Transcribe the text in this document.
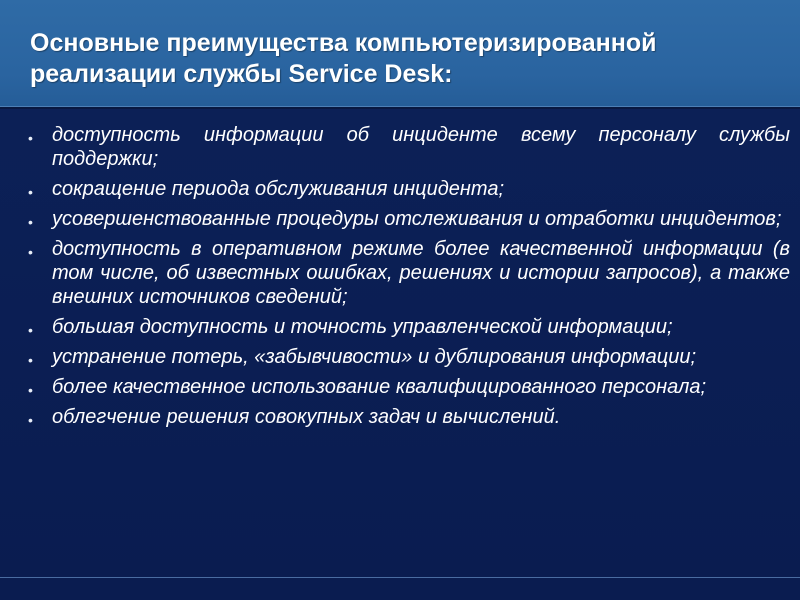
Основные преимущества компьютеризированной реализации службы Service Desk:
• доступность информации об инциденте всему персоналу службы поддержки;
• сокращение периода обслуживания инцидента;
• усовершенствованные процедуры отслеживания и отработки инцидентов;
• доступность в оперативном режиме более качественной информации (в том числе, об известных ошибках, решениях и истории запросов), а также внешних источников сведений;
• большая доступность и точность управленческой информации;
• устранение потерь, «забывчивости» и дублирования информации;
• более качественное использование квалифицированного персонала;
• облегчение решения совокупных задач и вычислений.
